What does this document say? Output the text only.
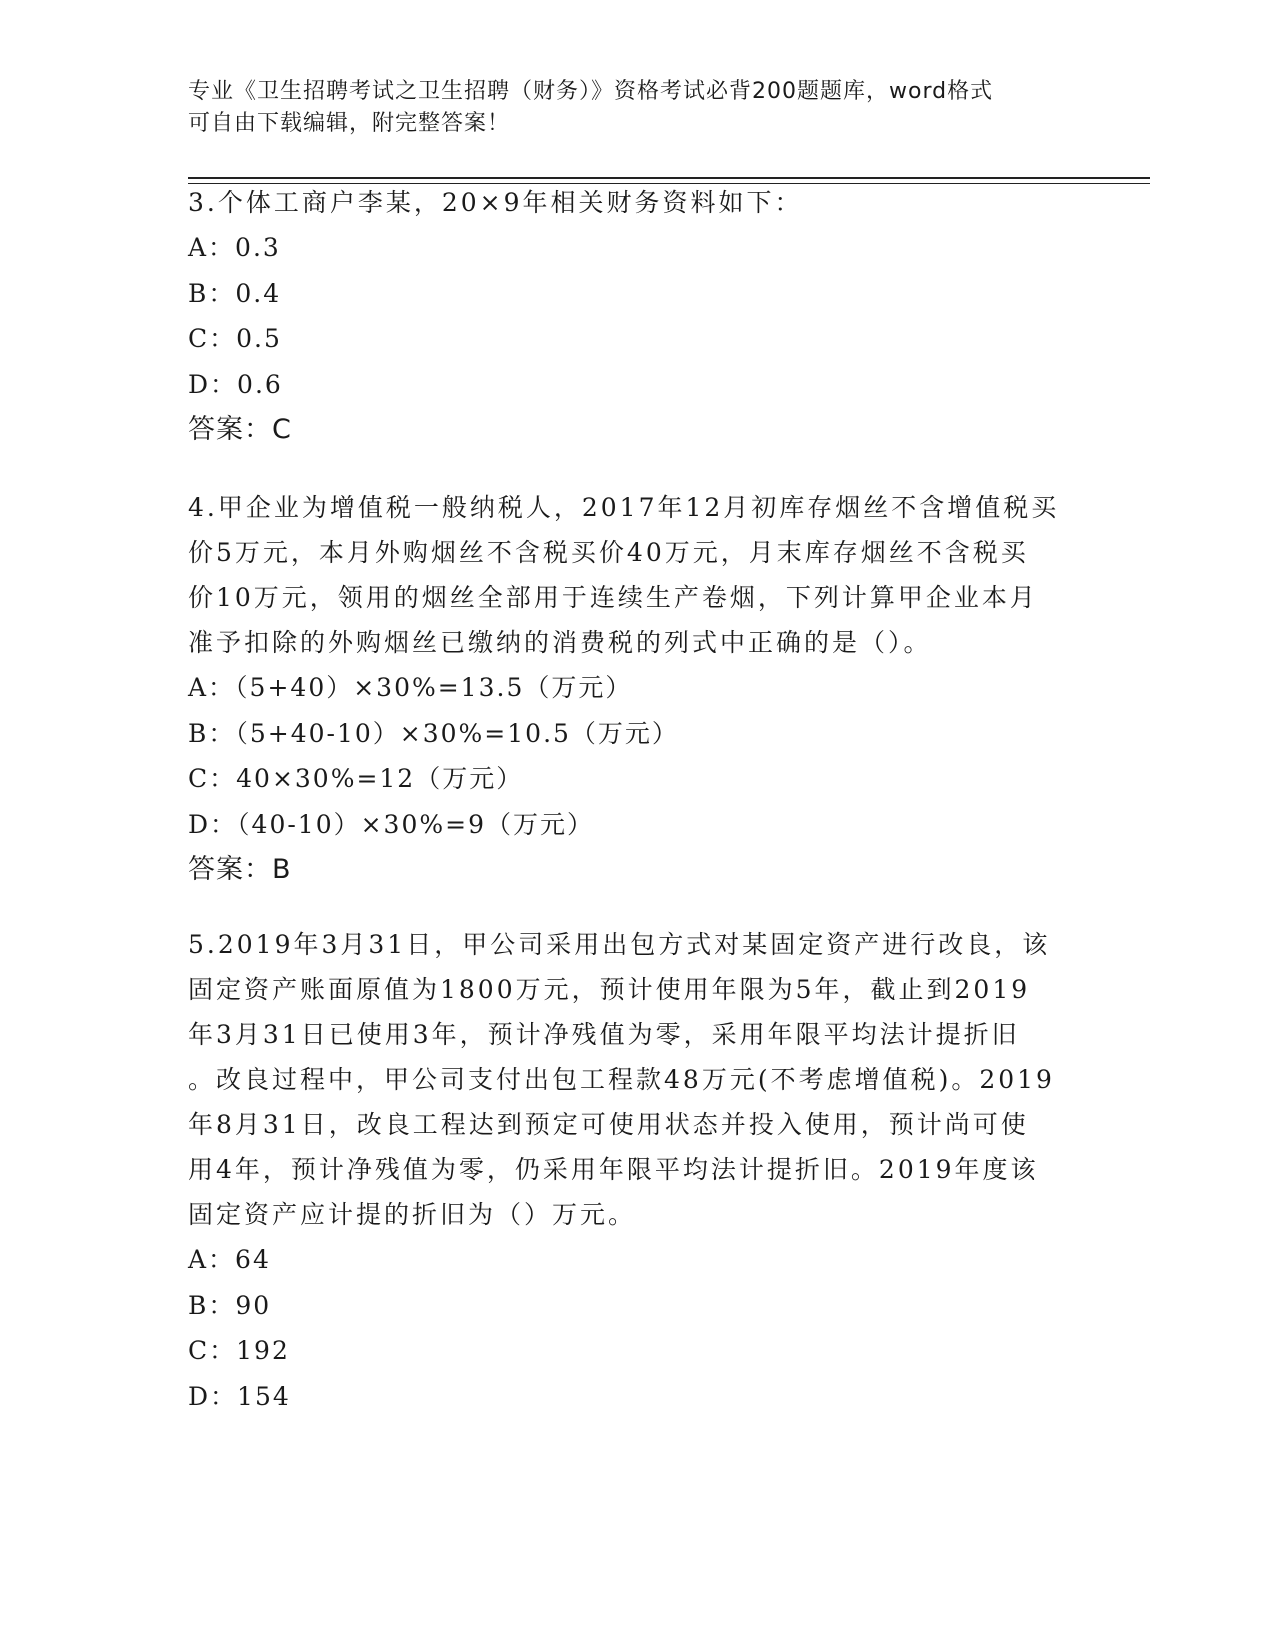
专业《卫生招聘考试之卫生招聘（财务）》资格考试必背200题题库，word格式
可自由下载编辑，附完整答案！
3.个体工商户李某，20×9年相关财务资料如下：
A：0.3
B：0.4
C：0.5
D：0.6
答案：C
4.甲企业为增值税一般纳税人，2017年12月初库存烟丝不含增值税买
价5万元，本月外购烟丝不含税买价40万元，月末库存烟丝不含税买
价10万元，领用的烟丝全部用于连续生产卷烟，下列计算甲企业本月
准予扣除的外购烟丝已缴纳的消费税的列式中正确的是（）。
A：（5+40）×30%=13.5（万元）
B：（5+40-10）×30%=10.5（万元）
C：40×30%=12（万元）
D：（40-10）×30%=9（万元）
答案：B
5.2019年3月31日，甲公司采用出包方式对某固定资产进行改良，该
固定资产账面原值为1800万元，预计使用年限为5年，截止到2019
年3月31日已使用3年，预计净残值为零，采用年限平均法计提折旧
。改良过程中，甲公司支付出包工程款48万元(不考虑增值税)。2019
年8月31日，改良工程达到预定可使用状态并投入使用，预计尚可使
用4年，预计净残值为零，仍采用年限平均法计提折旧。2019年度该
固定资产应计提的折旧为（）万元。
A：64
B：90
C：192
D：154
